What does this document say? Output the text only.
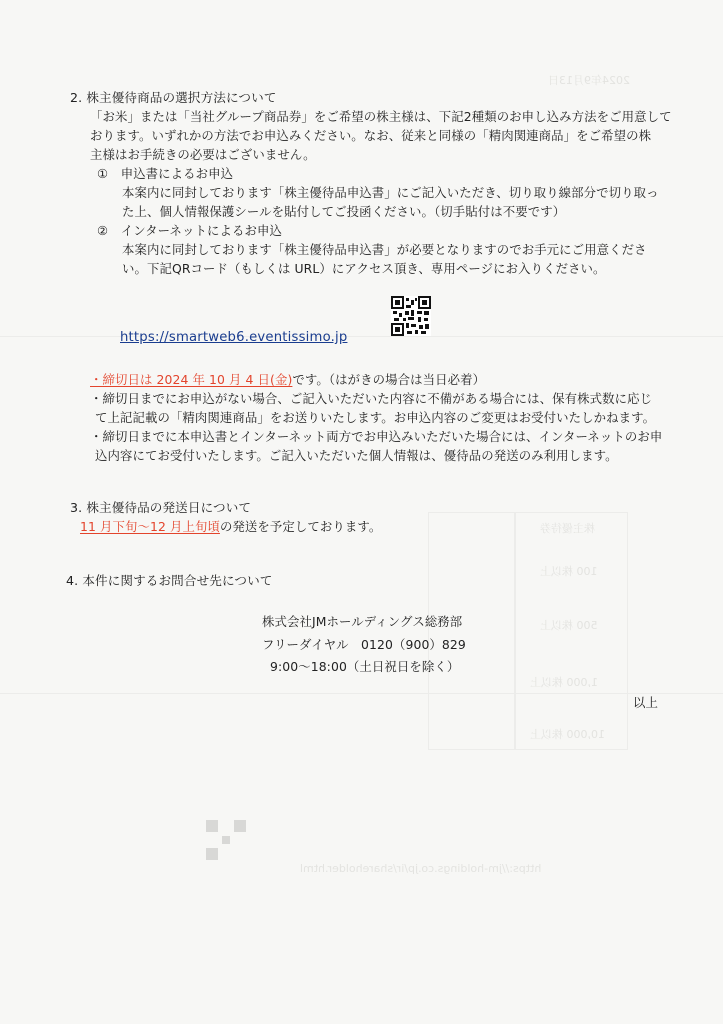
2024年9月13日
株主優待券
100 株以上
500 株以上
1,000 株以上
10,000 株以上
https://jm-holdings.co.jp/ir/shareholder.html
2. 株主優待商品の選択方法について
「お米」または「当社グループ商品券」をご希望の株主様は、下記2種類のお申し込み方法をご用意して
おります。いずれかの方法でお申込みください。なお、従来と同様の「精肉関連商品」をご希望の株
主様はお手続きの必要はございません。
①　申込書によるお申込
本案内に同封しております「株主優待品申込書」にご記入いただき、切り取り線部分で切り取っ
た上、個人情報保護シールを貼付してご投函ください。（切手貼付は不要です）
②　インターネットによるお申込
本案内に同封しております「株主優待品申込書」が必要となりますのでお手元にご用意くださ
い。下記QRコード（もしくは URL）にアクセス頂き、専用ページにお入りください。
https://smartweb6.eventissimo.jp
・締切日は 2024 年 10 月 4 日(金)です。（はがきの場合は当日必着）
・締切日までにお申込がない場合、ご記入いただいた内容に不備がある場合には、保有株式数に応じ
て上記記載の「精肉関連商品」をお送りいたします。お申込内容のご変更はお受付いたしかねます。
・締切日までに本申込書とインターネット両方でお申込みいただいた場合には、インターネットのお申
込内容にてお受付いたします。ご記入いただいた個人情報は、優待品の発送のみ利用します。
3. 株主優待品の発送日について
11 月下旬～12 月上旬頃の発送を予定しております。
4. 本件に関するお問合せ先について
株式会社JMホールディングス総務部
フリーダイヤル　0120（900）829
9:00～18:00（土日祝日を除く）
以上
